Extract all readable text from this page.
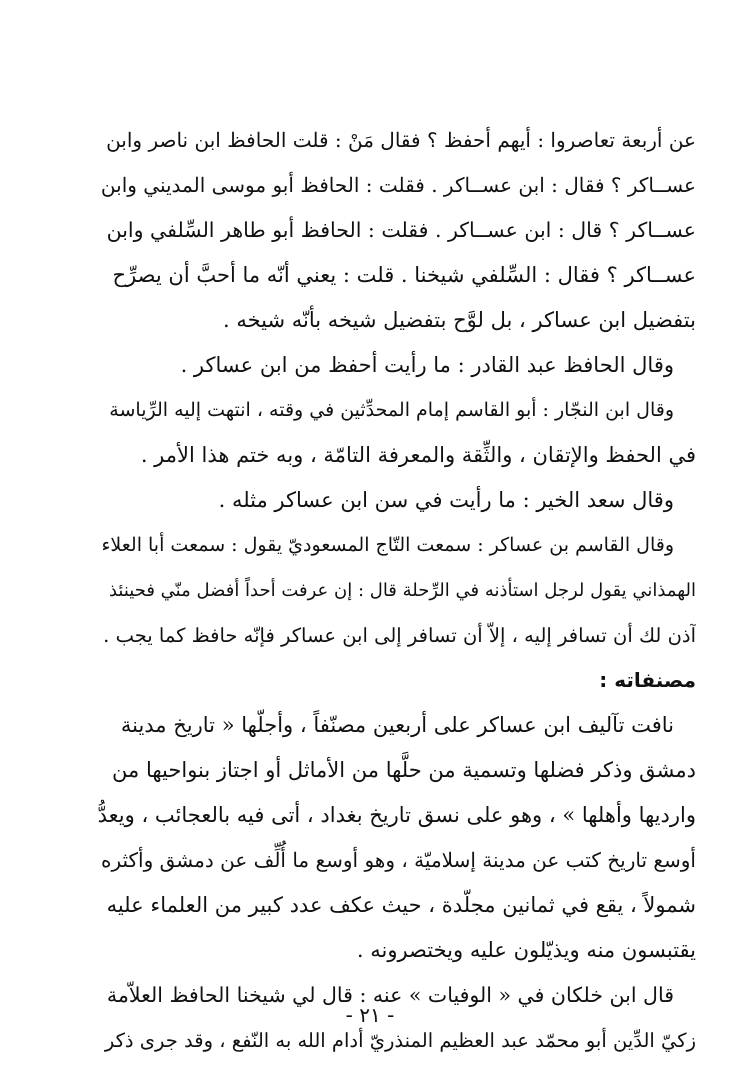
عن أربعة تعاصروا : أيهم أحفظ ؟ فقال مَنْ : قلت الحافظ ابن ناصر وابن
عســاكر ؟ فقال : ابن عســاكر . فقلت : الحافظ أبو موسى المديني وابن
عســاكر ؟ قال : ابن عســاكر . فقلت : الحافظ أبو طاهر السِّلفي وابن
عســاكر ؟ فقال : السِّلفي شيخنا . قلت : يعني أنّه ما أحبَّ أن يصرِّح
بتفضيل ابن عساكر ، بل لوَّح بتفضيل شيخه بأنّه شيخه .
وقال الحافظ عبد القادر : ما رأيت أحفظ من ابن عساكر .
وقال ابن النجّار : أبو القاسم إمام المحدِّثين في وقته ، انتهت إليه الرِّياسة
في الحفظ والإتقان ، والثِّقة والمعرفة التامّة ، وبه ختم هذا الأمر .
وقال سعد الخير : ما رأيت في سن ابن عساكر مثله .
وقال القاسم بن عساكر : سمعت التّاج المسعوديّ يقول : سمعت أبا العلاء
الهمذاني يقول لرجل استأذنه في الرِّحلة قال : إن عرفت أحداً أفضل منّي فحينئذ
آذن لك أن تسافر إليه ، إلاّ أن تسافر إلى ابن عساكر فإنّه حافظ كما يجب .
مصنفاته :
نافت تآليف ابن عساكر على أربعين مصنّفاً ، وأجلّها « تاريخ مدينة
دمشق وذكر فضلها وتسمية من حلَّها من الأماثل أو اجتاز بنواحيها من
وارديها وأهلها » ، وهو على نسق تاريخ بغداد ، أتى فيه بالعجائب ، ويعدُّ
أوسع تاريخ كتب عن مدينة إسلاميّة ، وهو أوسع ما أُلِّف عن دمشق وأكثره
شمولاً ، يقع في ثمانين مجلّدة ، حيث عكف عدد كبير من العلماء عليه
يقتبسون منه ويذيّلون عليه ويختصرونه .
قال ابن خلكان في « الوفيات » عنه : قال لي شيخنا الحافظ العلاّمة
زكيّ الدِّين أبو محمّد عبد العظيم المنذريّ أدام الله به النّفع ، وقد جرى ذكر
- ٢١ -
